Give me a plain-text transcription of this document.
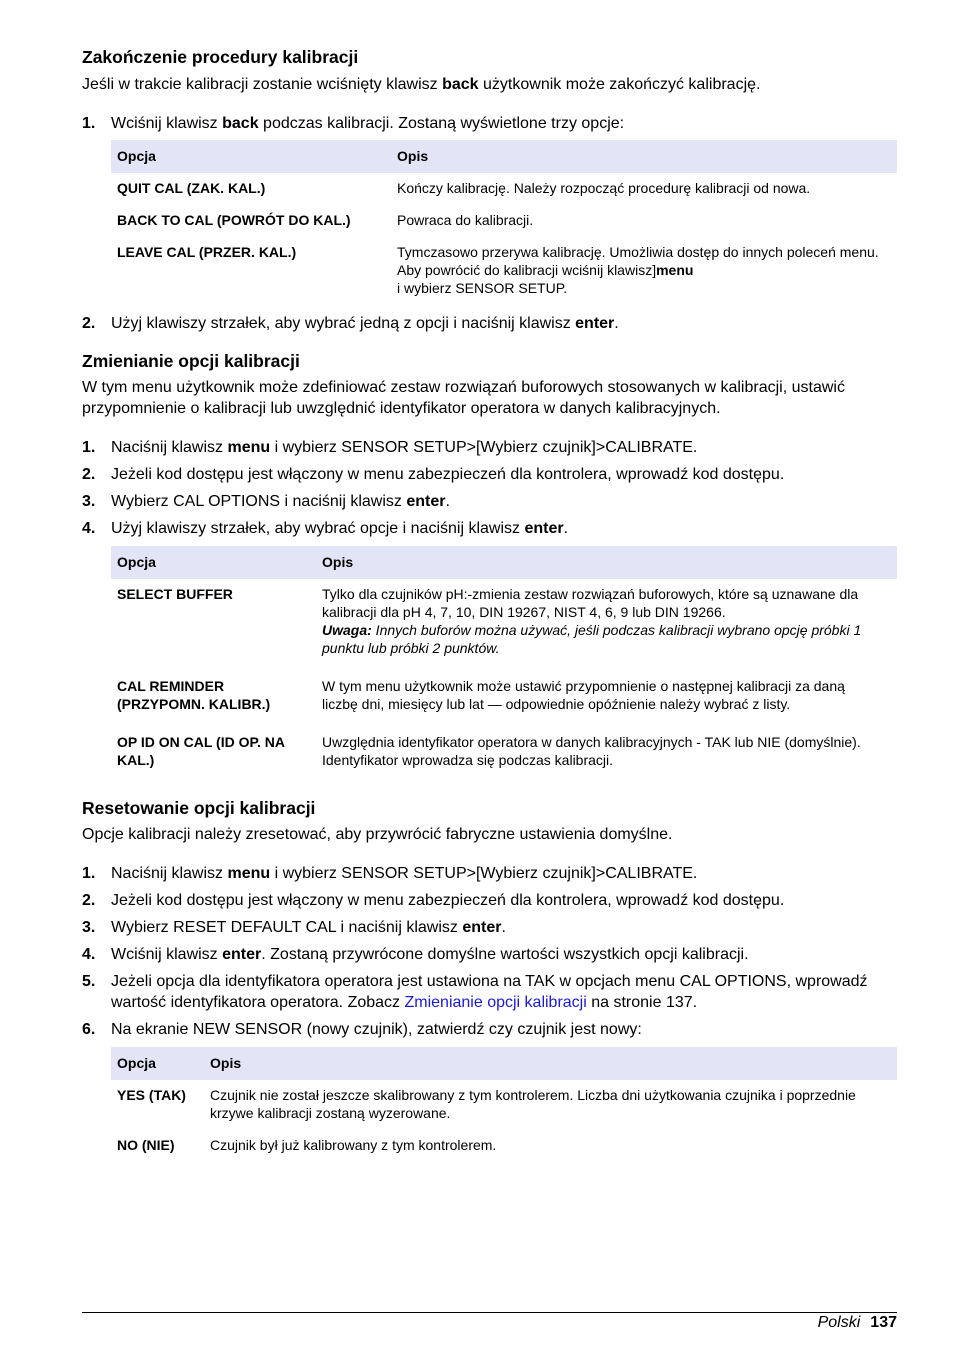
Zakończenie procedury kalibracji

Jeśli w trakcie kalibracji zostanie wciśnięty klawisz back użytkownik może zakończyć kalibrację.

1. Wciśnij klawisz back podczas kalibracji. Zostaną wyświetlone trzy opcje:
Opcja	Opis
QUIT CAL (ZAK. KAL.)	Kończy kalibrację. Należy rozpocząć procedurę kalibracji od nowa.
BACK TO CAL (POWRÓT DO KAL.)	Powraca do kalibracji.
LEAVE CAL (PRZER. KAL.)	Tymczasowo przerywa kalibrację. Umożliwia dostęp do innych poleceń menu. Aby powrócić do kalibracji wciśnij klawisz]menu
i wybierz SENSOR SETUP.
2. Użyj klawiszy strzałek, aby wybrać jedną z opcji i naciśnij klawisz enter.
Zmienianie opcji kalibracji

W tym menu użytkownik może zdefiniować zestaw rozwiązań buforowych stosowanych w kalibracji, ustawić przypomnienie o kalibracji lub uwzględnić identyfikator operatora w danych kalibracyjnych.

1. Naciśnij klawisz menu i wybierz SENSOR SETUP>[Wybierz czujnik]>CALIBRATE.
2. Jeżeli kod dostępu jest włączony w menu zabezpieczeń dla kontrolera, wprowadź kod dostępu.
3. Wybierz CAL OPTIONS i naciśnij klawisz enter.
4. Użyj klawiszy strzałek, aby wybrać opcje i naciśnij klawisz enter.
Opcja	Opis
SELECT BUFFER	Tylko dla czujników pH:-zmienia zestaw rozwiązań buforowych, które są uznawane dla kalibracji dla pH 4, 7, 10, DIN 19267, NIST 4, 6, 9 lub DIN 19266.
Uwaga: Innych buforów można używać, jeśli podczas kalibracji wybrano opcję próbki 1 punktu lub próbki 2 punktów.

CAL REMINDER (PRZYPOMN. KALIBR.)	W tym menu użytkownik może ustawić przypomnienie o następnej kalibracji za daną liczbę dni, miesięcy lub lat — odpowiednie opóźnienie należy wybrać z listy.
OP ID ON CAL (ID OP. NA KAL.)	Uwzględnia identyfikator operatora w danych kalibracyjnych - TAK lub NIE (domyślnie). Identyfikator wprowadza się podczas kalibracji.
Resetowanie opcji kalibracji

Opcje kalibracji należy zresetować, aby przywrócić fabryczne ustawienia domyślne.

1. Naciśnij klawisz menu i wybierz SENSOR SETUP>[Wybierz czujnik]>CALIBRATE.
2. Jeżeli kod dostępu jest włączony w menu zabezpieczeń dla kontrolera, wprowadź kod dostępu.
3. Wybierz RESET DEFAULT CAL i naciśnij klawisz enter.
4. Wciśnij klawisz enter. Zostaną przywrócone domyślne wartości wszystkich opcji kalibracji.
5. Jeżeli opcja dla identyfikatora operatora jest ustawiona na TAK w opcjach menu CAL OPTIONS, wprowadź wartość identyfikatora operatora. Zobacz Zmienianie opcji kalibracji na stronie 137.
6. Na ekranie NEW SENSOR (nowy czujnik), zatwierdź czy czujnik jest nowy:
Opcja	Opis
YES (TAK)	Czujnik nie został jeszcze skalibrowany z tym kontrolerem. Liczba dni użytkowania czujnika i poprzednie krzywe kalibracji zostaną wyzerowane.
NO (NIE)	Czujnik był już kalibrowany z tym kontrolerem.
Polski 137
